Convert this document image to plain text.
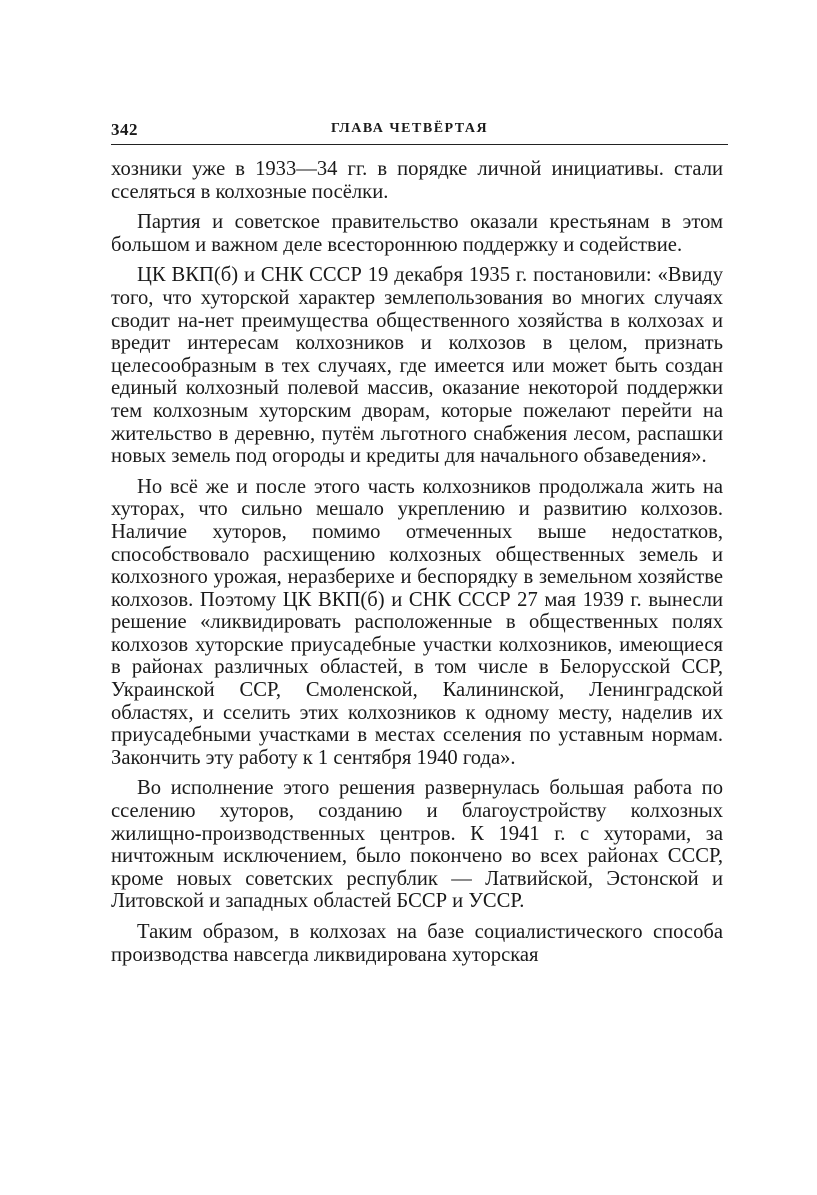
342	ГЛАВА ЧЕТВЁРТАЯ

хозники уже в 1933—34 гг. в порядке личной инициативы. стали сселяться в колхозные посёлки.

Партия и советское правительство оказали крестьянам в этом большом и важном деле всестороннюю поддержку и содействие.

ЦК ВКП(б) и СНК СССР 19 декабря 1935 г. постановили: «Ввиду того, что хуторской характер землепользования во многих случаях сводит на-нет преимущества общественного хозяйства в колхозах и вредит интересам колхозников и колхозов в целом, признать целесообразным в тех случаях, где имеется или может быть создан единый колхозный полевой массив, оказание некоторой поддержки тем колхозным хуторским дворам, которые пожелают перейти на жительство в деревню, путём льготного снабжения лесом, распашки новых земель под огороды и кредиты для начального обзаведения».

Но всё же и после этого часть колхозников продолжала жить на хуторах, что сильно мешало укреплению и развитию колхозов. Наличие хуторов, помимо отмеченных выше недостатков, способствовало расхищению колхозных общественных земель и колхозного урожая, неразберихе и беспорядку в земельном хозяйстве колхозов. Поэтому ЦК ВКП(б) и СНК СССР 27 мая 1939 г. вынесли решение «ликвидировать расположенные в общественных полях колхозов хуторские приусадебные участки колхозников, имеющиеся в районах различных областей, в том числе в Белорусской ССР, Украинской ССР, Смоленской, Калининской, Ленинградской областях, и сселить этих колхозников к одному месту, наделив их приусадебными участками в местах сселения по уставным нормам. Закончить эту работу к 1 сентября 1940 года».

Во исполнение этого решения развернулась большая работа по сселению хуторов, созданию и благоустройству колхозных жилищно-производственных центров. К 1941 г. с хуторами, за ничтожным исключением, было покончено во всех районах СССР, кроме новых советских республик — Латвийской, Эстонской и Литовской и западных областей БССР и УССР.

Таким образом, в колхозах на базе социалистического способа производства навсегда ликвидирована хуторская
